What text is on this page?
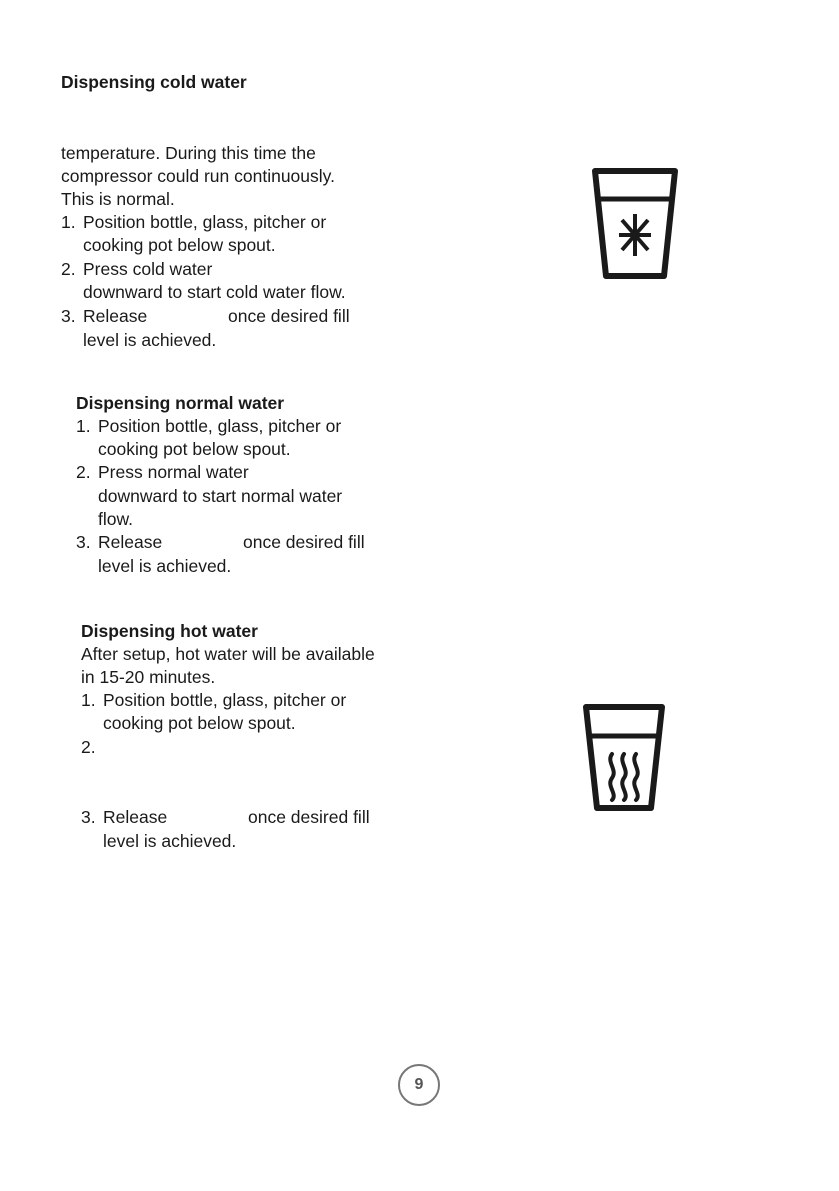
Dispensing cold water

temperature. During this time the

compressor could run continuously.

This is normal.

1. Position bottle, glass, pitcher or

cooking pot below spout.

2. Press cold water

downward to start cold water flow.

3. Release	once desired fill

level is achieved.

Dispensing normal water

1. Position bottle, glass, pitcher or

cooking pot below spout.

2. Press normal water

downward to start normal water

flow.

3. Release	once desired fill

level is achieved.

Dispensing hot water

After setup, hot water will be available

in 15-20 minutes.

1. Position bottle, glass, pitcher or

cooking pot below spout.

2.

3. Release	once desired fill

level is achieved.

9
